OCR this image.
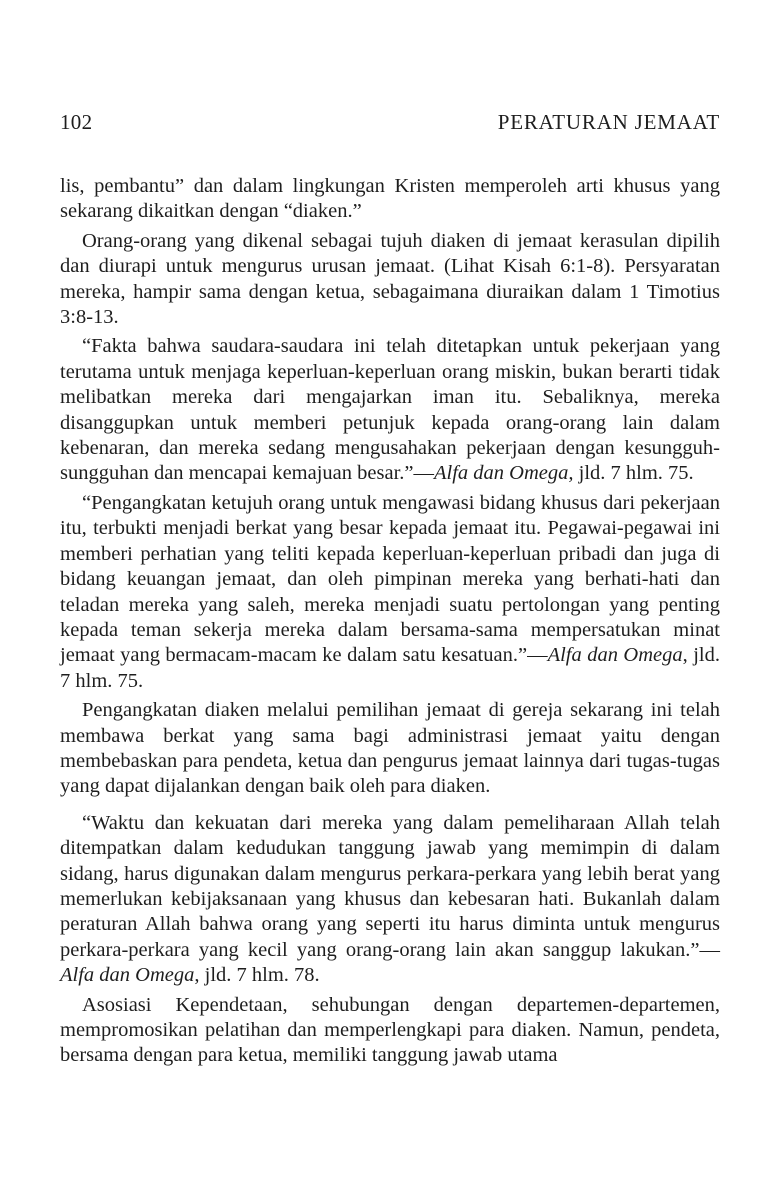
102	PERATURAN JEMAAT

lis, pembantu” dan dalam lingkungan Kristen memperoleh arti khusus yang sekarang dikaitkan dengan “diaken.”

Orang-orang yang dikenal sebagai tujuh diaken di jemaat kerasulan dipilih dan diurapi untuk mengurus urusan jemaat. (Lihat Kisah 6:1-8). Persyaratan mereka, hampir sama dengan ketua, sebagaimana diuraikan dalam 1 Timotius 3:8-13.

“Fakta bahwa saudara-saudara ini telah ditetapkan untuk pekerjaan yang terutama untuk menjaga keperluan-keperluan orang miskin, bukan berarti tidak melibatkan mereka dari mengajarkan iman itu. Sebaliknya, mereka disanggupkan untuk memberi petunjuk kepada orang-orang lain dalam kebenaran, dan mereka sedang mengusahakan pekerjaan dengan kesungguh-sungguhan dan mencapai kemajuan besar.”—Alfa dan Omega, jld. 7 hlm. 75.

“Pengangkatan ketujuh orang untuk mengawasi bidang khusus dari pekerjaan itu, terbukti menjadi berkat yang besar kepada jemaat itu. Pegawai-pegawai ini memberi perhatian yang teliti kepada keperluan-keperluan pribadi dan juga di bidang keuangan jemaat, dan oleh pimpinan mereka yang berhati-hati dan teladan mereka yang saleh, mereka menjadi suatu pertolongan yang penting kepada teman sekerja mereka dalam bersama-sama mempersatukan minat jemaat yang bermacam-macam ke dalam satu kesatuan.”—Alfa dan Omega, jld. 7 hlm. 75.

Pengangkatan diaken melalui pemilihan jemaat di gereja sekarang ini telah membawa berkat yang sama bagi administrasi jemaat yaitu dengan membebaskan para pendeta, ketua dan pengurus jemaat lainnya dari tugas-tugas yang dapat dijalankan dengan baik oleh para diaken.

“Waktu dan kekuatan dari mereka yang dalam pemeliharaan Allah telah ditempatkan dalam kedudukan tanggung jawab yang memimpin di dalam sidang, harus digunakan dalam mengurus perkara-perkara yang lebih berat yang memerlukan kebijaksanaan yang khusus dan kebesaran hati. Bukanlah dalam peraturan Allah bahwa orang yang seperti itu harus diminta untuk mengurus perkara-perkara yang kecil yang orang-orang lain akan sanggup lakukan.”—Alfa dan Omega, jld. 7 hlm. 78.

Asosiasi Kependetaan, sehubungan dengan departemen-departemen, mempromosikan pelatihan dan memperlengkapi para diaken. Namun, pendeta, bersama dengan para ketua, memiliki tanggung jawab utama
